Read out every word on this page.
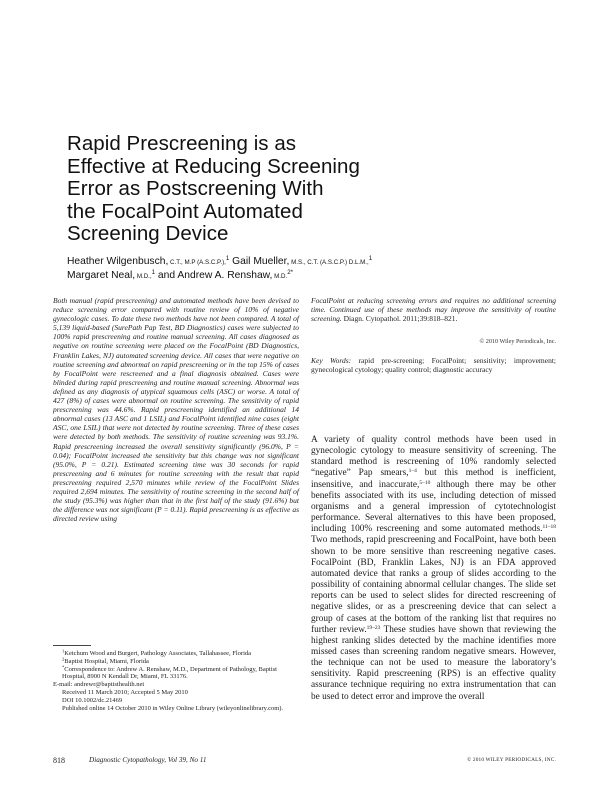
Rapid Prescreening is as
Effective at Reducing Screening
Error as Postscreening With
the FocalPoint Automated
Screening Device
Heather Wilgenbusch, C.T., M.P (A.S.C.P.),$^1$ Gail Mueller, M.S., C.T. (A.S.C.P.) D.L.M.,$^1$
Margaret Neal, M.D.,$^1$ and Andrew A. Renshaw, M.D.$^{2*}$

Both manual (rapid prescreening) and automated methods have been devised to reduce screening error compared with routine review of 10% of negative gynecologic cases. To date these two methods have not been compared. A total of 5,139 liquid-based (SurePath Pap Test, BD Diagnostics) cases were subjected to 100% rapid prescreening and routine manual screening. All cases diagnosed as negative on routine screening were placed on the FocalPoint (BD Diagnostics, Franklin Lakes, NJ) automated screening device. All cases that were negative on routine screening and abnormal on rapid prescreening or in the top 15% of cases by FocalPoint were rescreened and a final diagnosis obtained. Cases were blinded during rapid prescreening and routine manual screening. Abnormal was defined as any diagnosis of atypical squamous cells (ASC) or worse. A total of 427 (8%) of cases were abnormal on routine screening. The sensitivity of rapid prescreening was 44.6%. Rapid prescreening identified an additional 14 abnormal cases (13 ASC and 1 LSIL) and FocalPoint identified nine cases (eight ASC, one LSIL) that were not detected by routine screening. Three of these cases were detected by both methods. The sensitivity of routine screening was 93.1%. Rapid prescreening increased the overall sensitivity significantly (96.0%, P = 0.04); FocalPoint increased the sensitivity but this change was not significant (95.0%, P = 0.21). Estimated screening time was 30 seconds for rapid prescreening and 6 minutes for routine screening with the result that rapid prescreening required 2,570 minutes while review of the FocalPoint Slides required 2,694 minutes. The sensitivity of routine screening in the second half of the study (95.3%) was higher than that in the first half of the study (91.6%) but the difference was not significant (P = 0.11). Rapid prescreening is as effective as directed review using

FocalPoint at reducing screening errors and requires no additional screening time. Continued use of these methods may improve the sensitivity of routine screening. Diagn. Cytopathol. 2011;39:818–821.

© 2010 Wiley Periodicals, Inc.

Key Words: rapid pre-screening; FocalPoint; sensitivity; improvement; gynecological cytology; quality control; diagnostic accuracy

A variety of quality control methods have been used in gynecologic cytology to measure sensitivity of screening. The standard method is rescreening of 10% randomly selected “negative” Pap smears,$^{1-4}$ but this method is inefficient, insensitive, and inaccurate,$^{5-10}$ although there may be other benefits associated with its use, including detection of missed organisms and a general impression of cytotechnologist performance. Several alternatives to this have been proposed, including 100% rescreening and some automated methods.$^{11-18}$ Two methods, rapid prescreening and FocalPoint, have both been shown to be more sensitive than rescreening negative cases. FocalPoint (BD, Franklin Lakes, NJ) is an FDA approved automated device that ranks a group of slides according to the possibility of containing abnormal cellular changes. The slide set reports can be used to select slides for directed rescreening of negative slides, or as a prescreening device that can select a group of cases at the bottom of the ranking list that requires no further review.$^{19-23}$ These studies have shown that reviewing the highest ranking slides detected by the machine identifies more missed cases than screening random negative smears. However, the technique can not be used to measure the laboratory’s sensitivity. Rapid prescreening (RPS) is an effective quality assurance technique requiring no extra instrumentation that can be used to detect error and improve the overall

$^1$Ketchum Wood and Burgert, Pathology Associates, Tallahassee, Florida

$^2$Baptist Hospital, Miami, Florida

*Correspondence to: Andrew A. Renshaw, M.D., Department of Pathology, Baptist Hospital, 8900 N Kendall Dr, Miami, FL 33176.

E-mail: andrewr@baptisthealth.net

Received 11 March 2010; Accepted 5 May 2010

DOI 10.1002/dc.21469

Published online 14 October 2010 in Wiley Online Library (wileyonlinelibrary.com).

818	Diagnostic Cytopathology, Vol 39, No 11	© 2010 WILEY PERIODICALS, INC.
